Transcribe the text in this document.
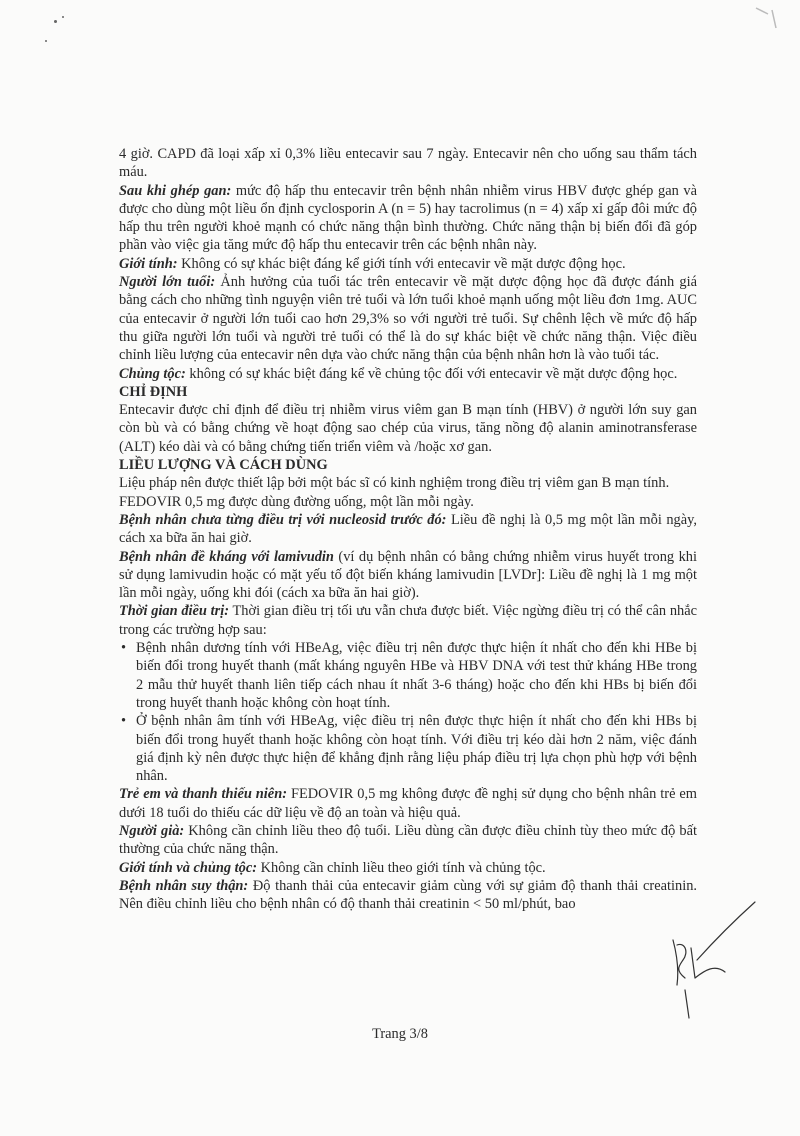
4 giờ. CAPD đã loại xấp xỉ 0,3% liều entecavir sau 7 ngày. Entecavir nên cho uống sau thẩm tách máu.

Sau khi ghép gan: mức độ hấp thu entecavir trên bệnh nhân nhiễm virus HBV được ghép gan và được cho dùng một liều ổn định cyclosporin A (n = 5) hay tacrolimus (n = 4) xấp xỉ gấp đôi mức độ hấp thu trên người khoẻ mạnh có chức năng thận bình thường. Chức năng thận bị biến đổi đã góp phần vào việc gia tăng mức độ hấp thu entecavir trên các bệnh nhân này.

Giới tính: Không có sự khác biệt đáng kể giới tính với entecavir về mặt dược động học.

Người lớn tuổi: Ảnh hưởng của tuổi tác trên entecavir về mặt dược động học đã được đánh giá bằng cách cho những tình nguyện viên trẻ tuổi và lớn tuổi khoẻ mạnh uống một liều đơn 1mg. AUC của entecavir ở người lớn tuổi cao hơn 29,3% so với người trẻ tuổi. Sự chênh lệch về mức độ hấp thu giữa người lớn tuổi và người trẻ tuổi có thể là do sự khác biệt về chức năng thận. Việc điều chỉnh liều lượng của entecavir nên dựa vào chức năng thận của bệnh nhân hơn là vào tuổi tác.

Chủng tộc: không có sự khác biệt đáng kể về chủng tộc đối với entecavir về mặt dược động học.

CHỈ ĐỊNH

Entecavir được chỉ định để điều trị nhiễm virus viêm gan B mạn tính (HBV) ở người lớn suy gan còn bù và có bằng chứng về hoạt động sao chép của virus, tăng nồng độ alanin aminotransferase (ALT) kéo dài và có bằng chứng tiến triển viêm và /hoặc xơ gan.

LIỀU LƯỢNG VÀ CÁCH DÙNG

Liệu pháp nên được thiết lập bởi một bác sĩ có kinh nghiệm trong điều trị viêm gan B mạn tính.

FEDOVIR 0,5 mg được dùng đường uống, một lần mỗi ngày.

Bệnh nhân chưa từng điều trị với nucleosid trước đó: Liều đề nghị là 0,5 mg một lần mỗi ngày, cách xa bữa ăn hai giờ.

Bệnh nhân đề kháng với lamivudin (ví dụ bệnh nhân có bằng chứng nhiễm virus huyết trong khi sử dụng lamivudin hoặc có mặt yếu tố đột biến kháng lamivudin [LVDr]: Liều đề nghị là 1 mg một lần mỗi ngày, uống khi đói (cách xa bữa ăn hai giờ).

Thời gian điều trị: Thời gian điều trị tối ưu vẫn chưa được biết. Việc ngừng điều trị có thể cân nhắc trong các trường hợp sau:

• Bệnh nhân dương tính với HBeAg, việc điều trị nên được thực hiện ít nhất cho đến khi HBe bị biến đổi trong huyết thanh (mất kháng nguyên HBe và HBV DNA với test thử kháng HBe trong 2 mẫu thử huyết thanh liên tiếp cách nhau ít nhất 3-6 tháng) hoặc cho đến khi HBs bị biến đổi trong huyết thanh hoặc không còn hoạt tính.
• Ở bệnh nhân âm tính với HBeAg, việc điều trị nên được thực hiện ít nhất cho đến khi HBs bị biến đổi trong huyết thanh hoặc không còn hoạt tính. Với điều trị kéo dài hơn 2 năm, việc đánh giá định kỳ nên được thực hiện để khẳng định rằng liệu pháp điều trị lựa chọn phù hợp với bệnh nhân.

Trẻ em và thanh thiếu niên: FEDOVIR 0,5 mg không được đề nghị sử dụng cho bệnh nhân trẻ em dưới 18 tuổi do thiếu các dữ liệu về độ an toàn và hiệu quả.

Người già: Không cần chỉnh liều theo độ tuổi. Liều dùng cần được điều chỉnh tùy theo mức độ bất thường của chức năng thận.

Giới tính và chủng tộc: Không cần chỉnh liều theo giới tính và chủng tộc.

Bệnh nhân suy thận: Độ thanh thải của entecavir giảm cùng với sự giảm độ thanh thải creatinin. Nên điều chỉnh liều cho bệnh nhân có độ thanh thải creatinin < 50 ml/phút, bao

Trang 3/8
